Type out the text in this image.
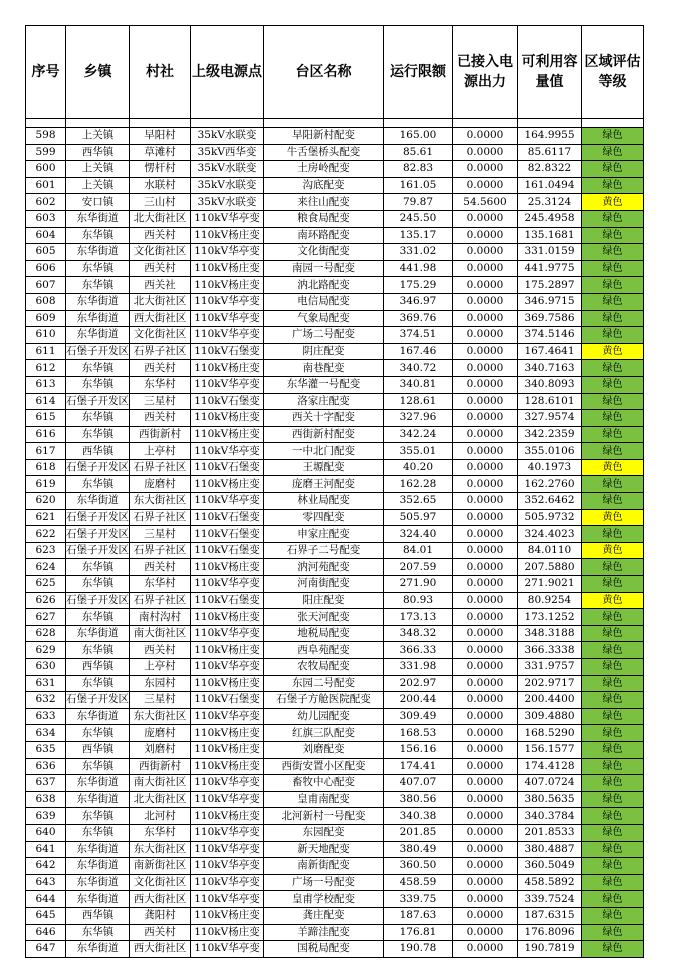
序号	乡镇	村社	上级电源点	台区名称	运行限额	已接入电源出力	可利用容量值	区域评估等级

598	上关镇	早阳村	35kV水联变	早阳新村配变	165.00	0.0000	164.9955	绿色
599	西华镇	草滩村	35kV西华变	牛舌堡桥头配变	85.61	0.0000	85.6117	绿色
600	上关镇	愣杆村	35kV水联变	土房岭配变	82.83	0.0000	82.8322	绿色
601	上关镇	水联村	35kV水联变	沟底配变	161.05	0.0000	161.0494	绿色
602	安口镇	三山村	35kV水联变	来往山配变	79.87	54.5600	25.3124	黄色
603	东华街道	北大街社区	110kV华亭变	粮食局配变	245.50	0.0000	245.4958	绿色
604	东华镇	西关村	110kV杨庄变	南环路配变	135.17	0.0000	135.1681	绿色
605	东华街道	文化街社区	110kV华亭变	文化街配变	331.02	0.0000	331.0159	绿色
606	东华镇	西关村	110kV杨庄变	南园一号配变	441.98	0.0000	441.9775	绿色
607	东华镇	西关社	110kV杨庄变	汭北路配变	175.29	0.0000	175.2897	绿色
608	东华街道	北大街社区	110kV华亭变	电信局配变	346.97	0.0000	346.9715	绿色
609	东华街道	西大街社区	110kV华亭变	气象局配变	369.76	0.0000	369.7586	绿色
610	东华街道	文化街社区	110kV华亭变	广场二号配变	374.51	0.0000	374.5146	绿色
611	石堡子开发区	石界子社区	110kV石堡变	阴庄配变	167.46	0.0000	167.4641	黄色
612	东华镇	西关村	110kV杨庄变	南巷配变	340.72	0.0000	340.7163	绿色
613	东华镇	东华村	110kV华亭变	东华灌一号配变	340.81	0.0000	340.8093	绿色
614	石堡子开发区	三星村	110kV石堡变	洛家庄配变	128.61	0.0000	128.6101	绿色
615	东华镇	西关村	110kV杨庄变	西关十字配变	327.96	0.0000	327.9574	绿色
616	东华镇	西街新村	110kV杨庄变	西街新村配变	342.24	0.0000	342.2359	绿色
617	西华镇	上亭村	110kV华亭变	一中北门配变	355.01	0.0000	355.0106	绿色
618	石堡子开发区	石界子社区	110kV石堡变	王塬配变	40.20	0.0000	40.1973	黄色
619	东华镇	庞磨村	110kV杨庄变	庞磨王河配变	162.28	0.0000	162.2760	绿色
620	东华街道	东大街社区	110kV华亭变	林业局配变	352.65	0.0000	352.6462	绿色
621	石堡子开发区	石界子社区	110kV石堡变	零四配变	505.97	0.0000	505.9732	黄色
622	石堡子开发区	三星村	110kV石堡变	申家庄配变	324.40	0.0000	324.4023	绿色
623	石堡子开发区	石界子社区	110kV石堡变	石界子二号配变	84.01	0.0000	84.0110	黄色
624	东华镇	西关村	110kV杨庄变	汭河苑配变	207.59	0.0000	207.5880	绿色
625	东华镇	东华村	110kV华亭变	河南街配变	271.90	0.0000	271.9021	绿色
626	石堡子开发区	石界子社区	110kV石堡变	阳庄配变	80.93	0.0000	80.9254	黄色
627	东华镇	南村沟村	110kV杨庄变	张天河配变	173.13	0.0000	173.1252	绿色
628	东华街道	南大街社区	110kV华亭变	地税局配变	348.32	0.0000	348.3188	绿色
629	东华镇	西关村	110kV杨庄变	西阜苑配变	366.33	0.0000	366.3338	绿色
630	西华镇	上亭村	110kV华亭变	农牧局配变	331.98	0.0000	331.9757	绿色
631	东华镇	东园村	110kV杨庄变	东园二号配变	202.97	0.0000	202.9717	绿色
632	石堡子开发区	三星村	110kV石堡变	石堡子方舱医院配变	200.44	0.0000	200.4400	绿色
633	东华街道	东大街社区	110kV华亭变	幼儿园配变	309.49	0.0000	309.4880	绿色
634	东华镇	庞磨村	110kV杨庄变	红旗三队配变	168.53	0.0000	168.5290	绿色
635	西华镇	刘磨村	110kV杨庄变	刘磨配变	156.16	0.0000	156.1577	绿色
636	东华镇	西街新村	110kV杨庄变	西街安置小区配变	174.41	0.0000	174.4128	绿色
637	东华街道	南大街社区	110kV华亭变	畜牧中心配变	407.07	0.0000	407.0724	绿色
638	东华街道	北大街社区	110kV华亭变	皇甫南配变	380.56	0.0000	380.5635	绿色
639	东华镇	北河村	110kV杨庄变	北河新村一号配变	340.38	0.0000	340.3784	绿色
640	东华镇	东华村	110kV华亭变	东园配变	201.85	0.0000	201.8533	绿色
641	东华街道	东大街社区	110kV华亭变	新天地配变	380.49	0.0000	380.4887	绿色
642	东华街道	南新街社区	110kV华亭变	南新街配变	360.50	0.0000	360.5049	绿色
643	东华街道	文化街社区	110kV华亭变	广场一号配变	458.59	0.0000	458.5892	绿色
644	东华街道	西大街社区	110kV华亭变	皇甫学校配变	339.75	0.0000	339.7524	绿色
645	西华镇	龚阳村	110kV杨庄变	龚庄配变	187.63	0.0000	187.6315	绿色
646	东华镇	西关村	110kV杨庄变	羊蹄洼配变	176.81	0.0000	176.8096	绿色
647	东华街道	西大街社区	110kV华亭变	国税局配变	190.78	0.0000	190.7819	绿色
